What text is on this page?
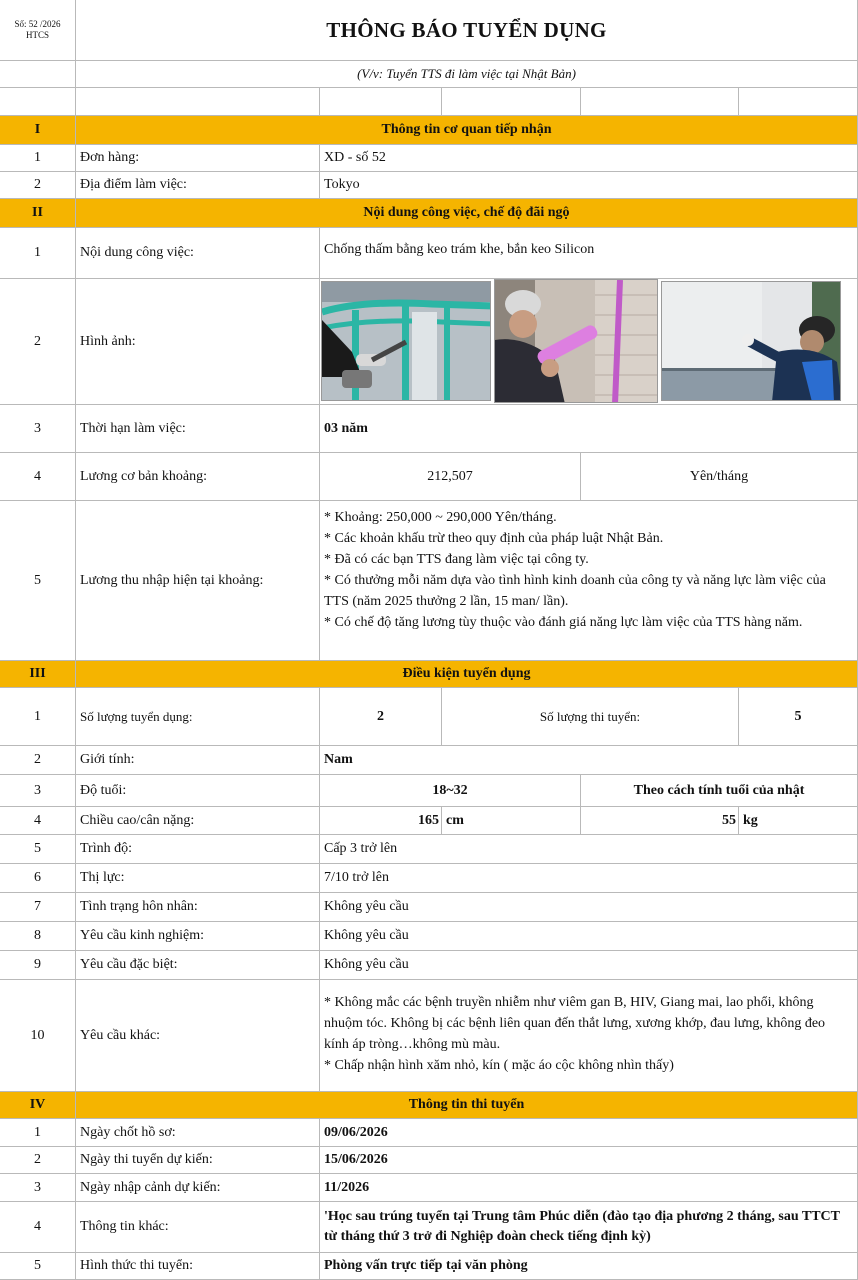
Số: 52 /2026
HTCS	THÔNG BÁO TUYỂN DỤNG
(V/v: Tuyển TTS đi làm việc tại Nhật Bản)
I	Thông tin cơ quan tiếp nhận
1	Đơn hàng:	XD - số 52
2	Địa điểm làm việc:	Tokyo
II	Nội dung công việc, chế độ đãi ngộ
1	Nội dung công việc:	Chống thấm bằng keo trám khe, bắn keo Silicon
2	Hình ảnh:
3	Thời hạn làm việc:	03 năm
4	Lương cơ bản khoảng:	212,507	Yên/tháng
5	Lương thu nhập hiện tại khoảng:
* Khoảng: 250,000 ~ 290,000 Yên/tháng.
* Các khoản khấu trừ theo quy định của pháp luật Nhật Bản.
* Đã có các bạn TTS đang làm việc tại công ty.
* Có thưởng mỗi năm dựa vào tình hình kinh doanh của công ty và năng lực làm việc của TTS (năm 2025 thưởng 2 lần, 15 man/ lần).
* Có chế độ tăng lương tùy thuộc vào đánh giá năng lực làm việc của TTS hàng năm.
III	Điều kiện tuyển dụng
1	Số lượng tuyển dụng:	2	Số lượng thi tuyển:	5
2	Giới tính:	Nam
3	Độ tuổi:	18~32	Theo cách tính tuổi của nhật
4	Chiều cao/cân nặng:	165 cm	55 kg
5	Trình độ:	Cấp 3 trở lên
6	Thị lực:	7/10 trở lên
7	Tình trạng hôn nhân:	Không yêu cầu
8	Yêu cầu kinh nghiệm:	Không yêu cầu
9	Yêu cầu đặc biệt:	Không yêu cầu
10	Yêu cầu khác:
* Không mắc các bệnh truyền nhiễm như viêm gan B, HIV, Giang mai, lao phổi, không nhuộm tóc. Không bị các bệnh liên quan đến thắt lưng, xương khớp, đau lưng, không đeo kính áp tròng…không mù màu.
* Chấp nhận hình xăm nhỏ, kín ( mặc áo cộc không nhìn thấy)
IV	Thông tin thi tuyển
1	Ngày chốt hồ sơ:	09/06/2026
2	Ngày thi tuyển dự kiến:	15/06/2026
3	Ngày nhập cảnh dự kiến:	11/2026
4	Thông tin khác:
'Học sau trúng tuyển tại Trung tâm Phúc diễn (đào tạo địa phương 2 tháng, sau TTCT từ tháng thứ 3 trở đi Nghiệp đoàn check tiếng định kỳ)
5	Hình thức thi tuyển:	Phòng vấn trực tiếp tại văn phòng
